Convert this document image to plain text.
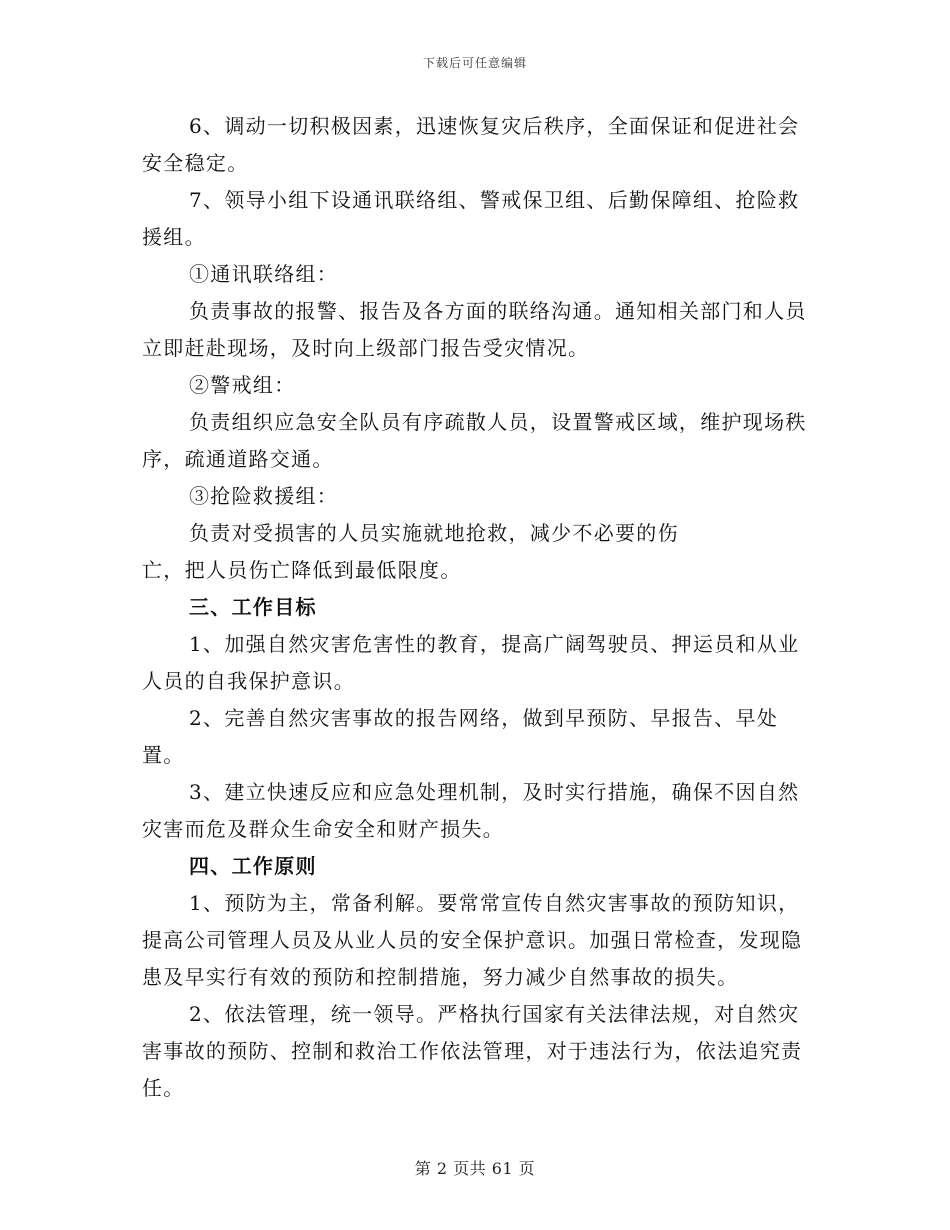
下载后可任意编辑

6、调动一切积极因素，迅速恢复灾后秩序，全面保证和促进社会安全稳定。

7、领导小组下设通讯联络组、警戒保卫组、后勤保障组、抢险救援组。

①通讯联络组：

负责事故的报警、报告及各方面的联络沟通。通知相关部门和人员立即赶赴现场，及时向上级部门报告受灾情况。

②警戒组：

负责组织应急安全队员有序疏散人员，设置警戒区域，维护现场秩序，疏通道路交通。

③抢险救援组：

负责对受损害的人员实施就地抢救，减少不必要的伤

亡，把人员伤亡降低到最低限度。

三、工作目标

1、加强自然灾害危害性的教育，提高广阔驾驶员、押运员和从业人员的自我保护意识。

2、完善自然灾害事故的报告网络，做到早预防、早报告、早处置。

3、建立快速反应和应急处理机制，及时实行措施，确保不因自然灾害而危及群众生命安全和财产损失。

四、工作原则

1、预防为主，常备利解。要常常宣传自然灾害事故的预防知识，提高公司管理人员及从业人员的安全保护意识。加强日常检查，发现隐患及早实行有效的预防和控制措施，努力减少自然事故的损失。

2、依法管理，统一领导。严格执行国家有关法律法规，对自然灾害事故的预防、控制和救治工作依法管理，对于违法行为，依法追究责任。

第 2 页共 61 页
